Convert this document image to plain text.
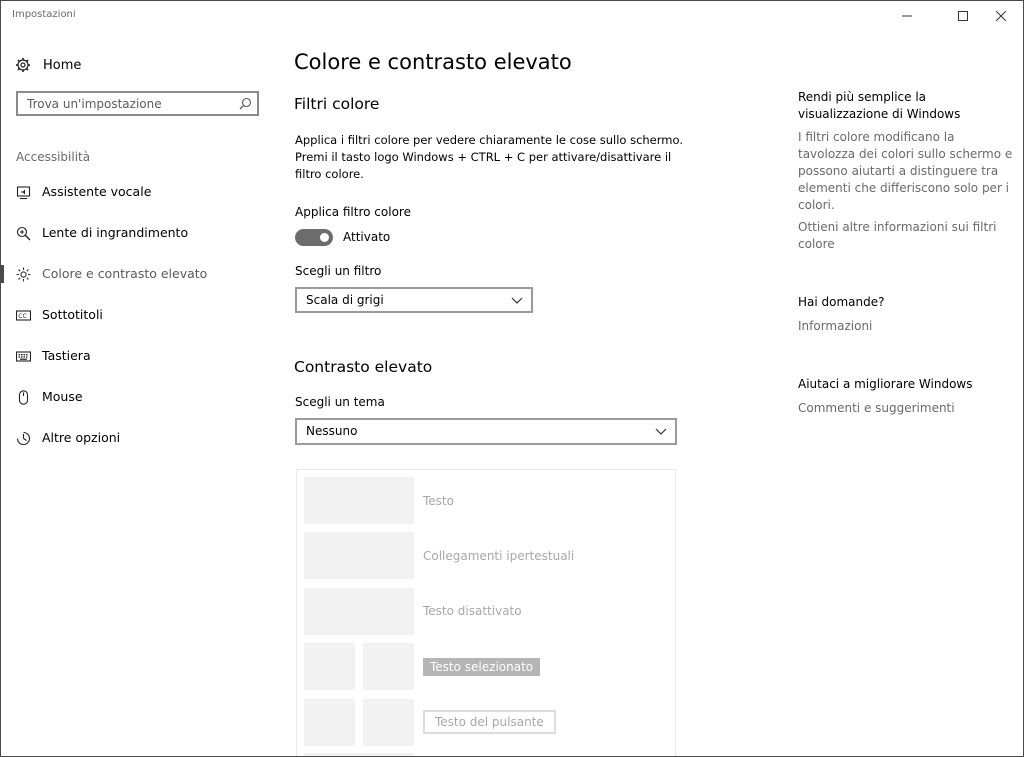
Impostazioni
Home
Trova un'impostazione
Accessibilità
Assistente vocale
Lente di ingrandimento
Colore e contrasto elevato
CC Sottotitoli
Tastiera
Mouse
Altre opzioni
Colore e contrasto elevato
Filtri colore
Applica i filtri colore per vedere chiaramente le cose sullo schermo. Premi il tasto logo Windows + CTRL + C per attivare/disattivare il filtro colore.
Applica filtro colore
Attivato
Scegli un filtro
Scala di grigi
Contrasto elevato
Scegli un tema
Nessuno
Testo
Collegamenti ipertestuali
Testo disattivato
Testo selezionato
Testo del pulsante
Rendi più semplice la visualizzazione di Windows
I filtri colore modificano la tavolozza dei colori sullo schermo e possono aiutarti a distinguere tra elementi che differiscono solo per i colori.
Ottieni altre informazioni sui filtri colore
Hai domande?
Informazioni
Aiutaci a migliorare Windows
Commenti e suggerimenti
